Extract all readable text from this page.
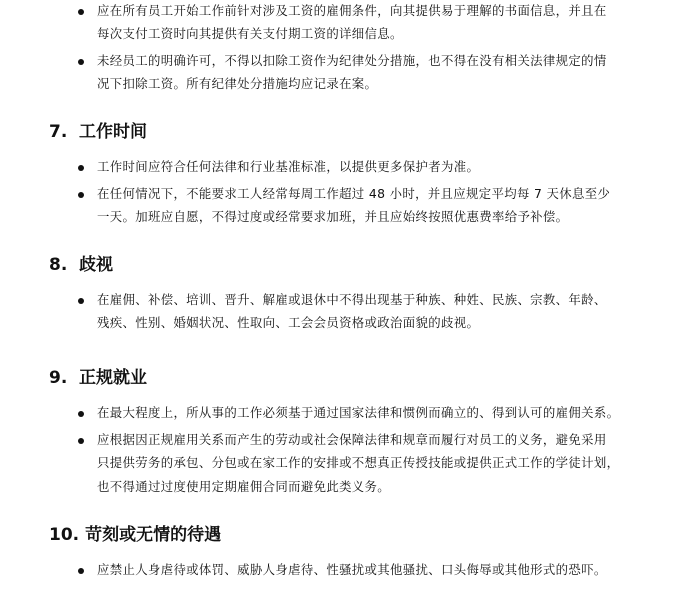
应在所有员工开始工作前针对涉及工资的雇佣条件，向其提供易于理解的书面信息，并且在
每次支付工资时向其提供有关支付期工资的详细信息。
未经员工的明确许可，不得以扣除工资作为纪律处分措施，也不得在没有相关法律规定的情
况下扣除工资。所有纪律处分措施均应记录在案。
7. 工作时间
工作时间应符合任何法律和行业基准标准，以提供更多保护者为准。
在任何情况下，不能要求工人经常每周工作超过 48 小时，并且应规定平均每 7 天休息至少
一天。加班应自愿，不得过度或经常要求加班，并且应始终按照优惠费率给予补偿。
8. 歧视
在雇佣、补偿、培训、晋升、解雇或退休中不得出现基于种族、种姓、民族、宗教、年龄、
残疾、性别、婚姻状况、性取向、工会会员资格或政治面貌的歧视。
9. 正规就业
在最大程度上，所从事的工作必须基于通过国家法律和惯例而确立的、得到认可的雇佣关系。
应根据因正规雇用关系而产生的劳动或社会保障法律和规章而履行对员工的义务，避免采用
只提供劳务的承包、分包或在家工作的安排或不想真正传授技能或提供正式工作的学徒计划，
也不得通过过度使用定期雇佣合同而避免此类义务。
10. 苛刻或无情的待遇
应禁止人身虐待或体罚、威胁人身虐待、性骚扰或其他骚扰、口头侮辱或其他形式的恐吓。
